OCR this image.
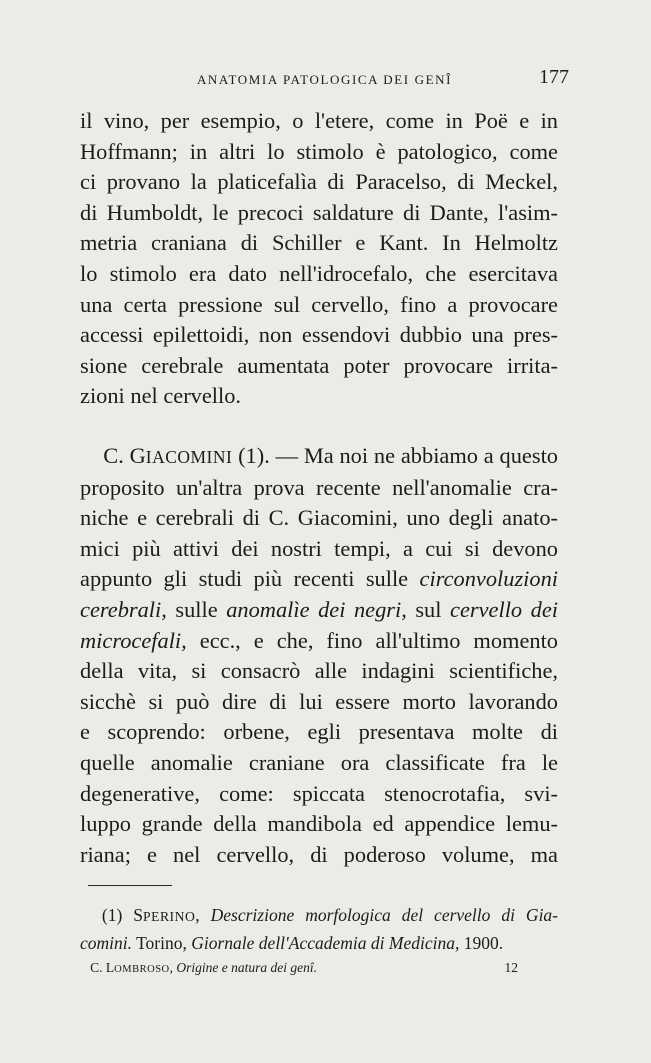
ANATOMIA PATOLOGICA DEI GENÎ	177
il vino, per esempio, o l'etere, come in Poë e in
Hoffmann; in altri lo stimolo è patologico, come
ci provano la platicefalìa di Paracelso, di Meckel,
di Humboldt, le precoci saldature di Dante, l'asim-
metria craniana di Schiller e Kant. In Helmoltz
lo stimolo era dato nell'idrocefalo, che esercitava
una certa pressione sul cervello, fino a provocare
accessi epilettoidi, non essendovi dubbio una pres-
sione cerebrale aumentata poter provocare irrita-
zioni nel cervello.
C. GIACOMINI (1). — Ma noi ne abbiamo a questo
proposito un'altra prova recente nell'anomalie cra-
niche e cerebrali di C. Giacomini, uno degli anato-
mici più attivi dei nostri tempi, a cui si devono
appunto gli studi più recenti sulle circonvoluzioni
cerebrali, sulle anomalìe dei negri, sul cervello dei
microcefali, ecc., e che, fino all'ultimo momento
della vita, si consacrò alle indagini scientifiche,
sicchè si può dire di lui essere morto lavorando
e scoprendo: orbene, egli presentava molte di
quelle anomalie craniane ora classificate fra le
degenerative, come: spiccata stenocrotafia, svi-
luppo grande della mandibola ed appendice lemu-
riana; e nel cervello, di poderoso volume, ma
(1) SPERINO, Descrizione morfologica del cervello di Gia-
comini. Torino, Giornale dell'Accademia di Medicina, 1900.
C. LOMBROSO, Origine e natura dei genî.	12
